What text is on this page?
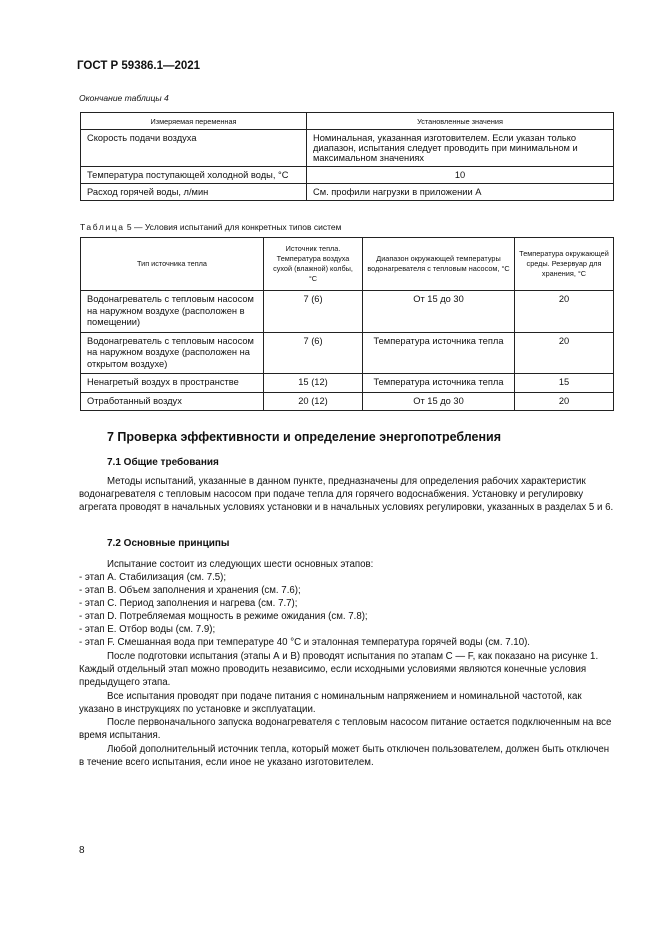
ГОСТ Р 59386.1—2021
Окончание таблицы 4
Измеряемая переменная	Установленные значения
Скорость подачи воздуха	Номинальная, указанная изготовителем. Если указан только диапазон, испытания следует проводить при минимальном и максимальном значениях
Температура поступающей холодной воды, °С	10
Расход горячей воды, л/мин	См. профили нагрузки в приложении А
Таблица 5 — Условия испытаний для конкретных типов систем
Тип источника тепла	Источник тепла. Температура воздуха сухой (влажной) колбы, °С	Диапазон окружающей температуры водонагревателя с тепловым насосом, °С	Температура окружающей среды. Резервуар для хранения, °С
Водонагреватель с тепловым насосом на наружном воздухе (расположен в помещении)	7 (6)	От 15 до 30	20
Водонагреватель с тепловым насосом на наружном воздухе (расположен на открытом воздухе)	7 (6)	Температура источника тепла	20
Ненагретый воздух в пространстве	15 (12)	Температура источника тепла	15
Отработанный воздух	20 (12)	От 15 до 30	20
7 Проверка эффективности и определение энергопотребления
7.1 Общие требования
Методы испытаний, указанные в данном пункте, предназначены для определения рабочих характеристик водонагревателя с тепловым насосом при подаче тепла для горячего водоснабжения. Установку и регулировку агрегата проводят в начальных условиях установки и в начальных условиях регулировки, указанных в разделах 5 и 6.
7.2 Основные принципы
Испытание состоит из следующих шести основных этапов:
- этап А. Стабилизация (см. 7.5);
- этап В. Объем заполнения и хранения (см. 7.6);
- этап С. Период заполнения и нагрева (см. 7.7);
- этап D. Потребляемая мощность в режиме ожидания (см. 7.8);
- этап Е. Отбор воды (см. 7.9);
- этап F. Смешанная вода при температуре 40 °С и эталонная температура горячей воды (см. 7.10).
После подготовки испытания (этапы А и В) проводят испытания по этапам С — F, как показано на рисунке 1. Каждый отдельный этап можно проводить независимо, если исходными условиями являются конечные условия предыдущего этапа.
Все испытания проводят при подаче питания с номинальным напряжением и номинальной частотой, как указано в инструкциях по установке и эксплуатации.
После первоначального запуска водонагревателя с тепловым насосом питание остается подключенным на все время испытания.
Любой дополнительный источник тепла, который может быть отключен пользователем, должен быть отключен в течение всего испытания, если иное не указано изготовителем.
8
